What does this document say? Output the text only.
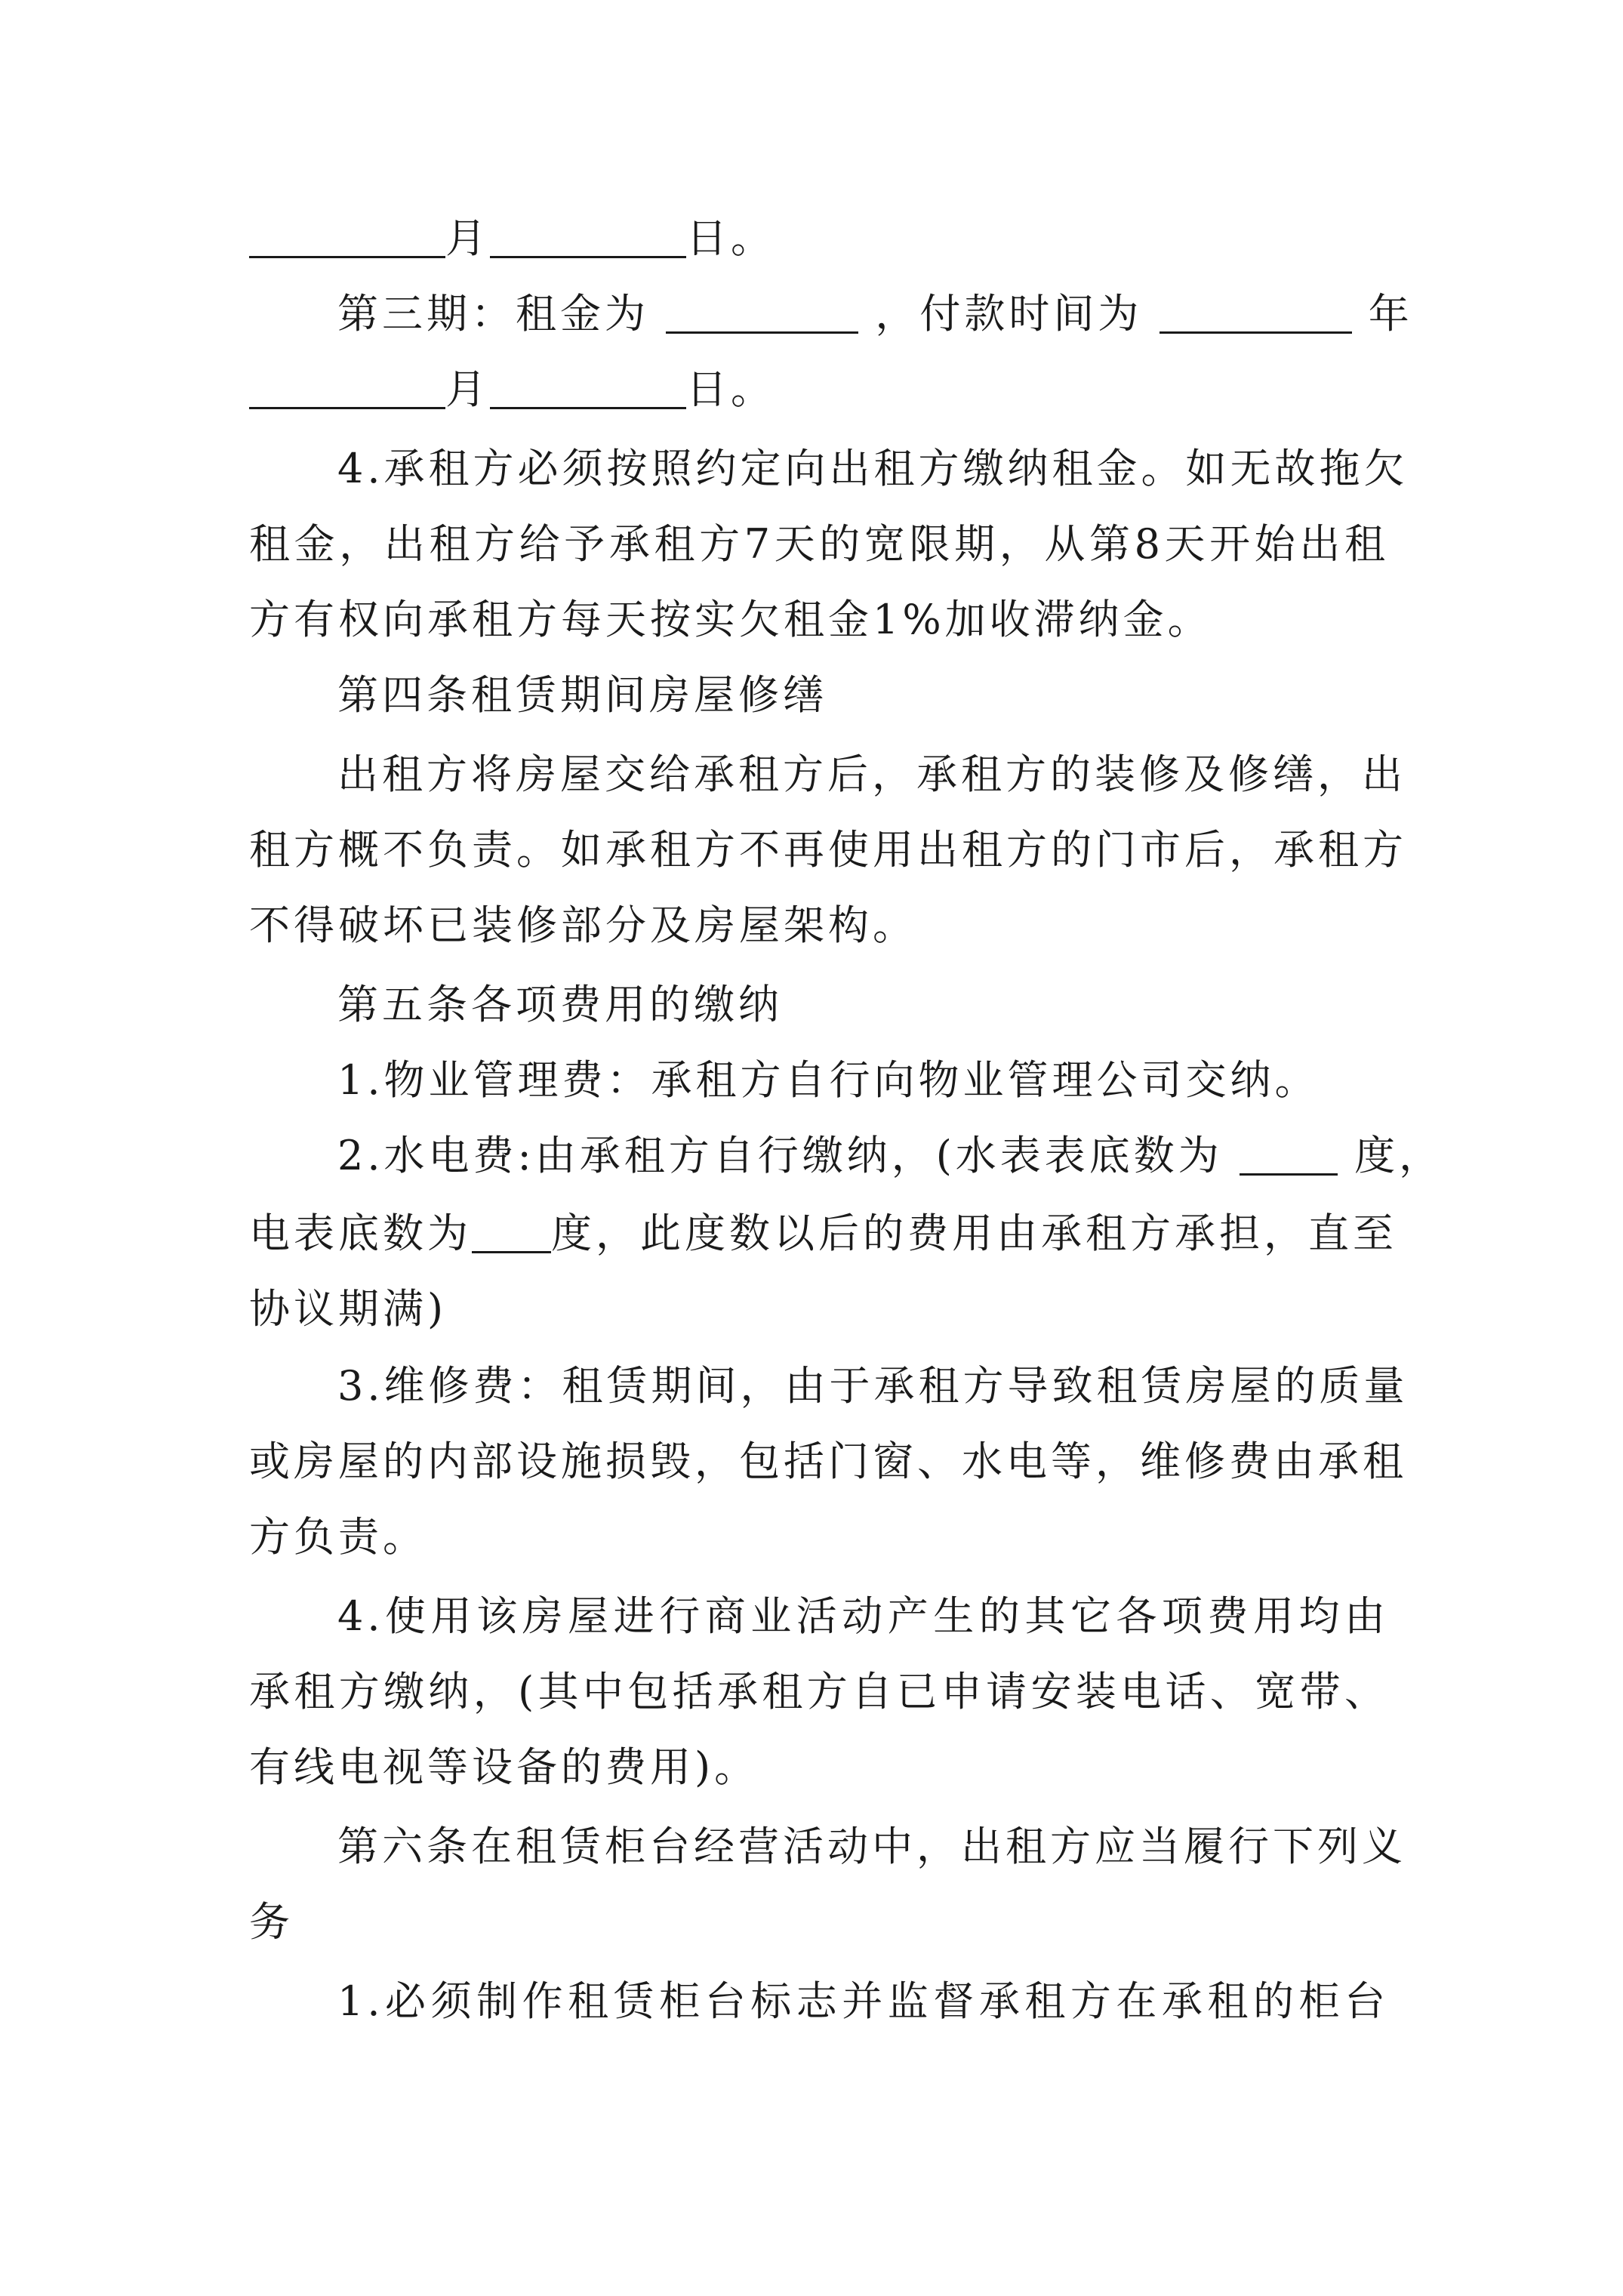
月	日。
第三期：租金为	，付款时间为	年
月	日。
4.承租方必须按照约定向出租方缴纳租金。如无故拖欠
租金，出租方给予承租方7天的宽限期，从第8天开始出租
方有权向承租方每天按实欠租金1%加收滞纳金。
第四条租赁期间房屋修缮
出租方将房屋交给承租方后，承租方的装修及修缮，出
租方概不负责。如承租方不再使用出租方的门市后，承租方
不得破坏已装修部分及房屋架构。
第五条各项费用的缴纳
1.物业管理费：承租方自行向物业管理公司交纳。
2.水电费:由承租方自行缴纳，(水表表底数为	度，
电表底数为 度，此度数以后的费用由承租方承担，直至
协议期满)
3.维修费：租赁期间，由于承租方导致租赁房屋的质量
或房屋的内部设施损毁，包括门窗、水电等，维修费由承租
方负责。
4.使用该房屋进行商业活动产生的其它各项费用均由
承租方缴纳，(其中包括承租方自已申请安装电话、宽带、
有线电视等设备的费用)。
第六条在租赁柜台经营活动中，出租方应当履行下列义
务
1.必须制作租赁柜台标志并监督承租方在承租的柜台
